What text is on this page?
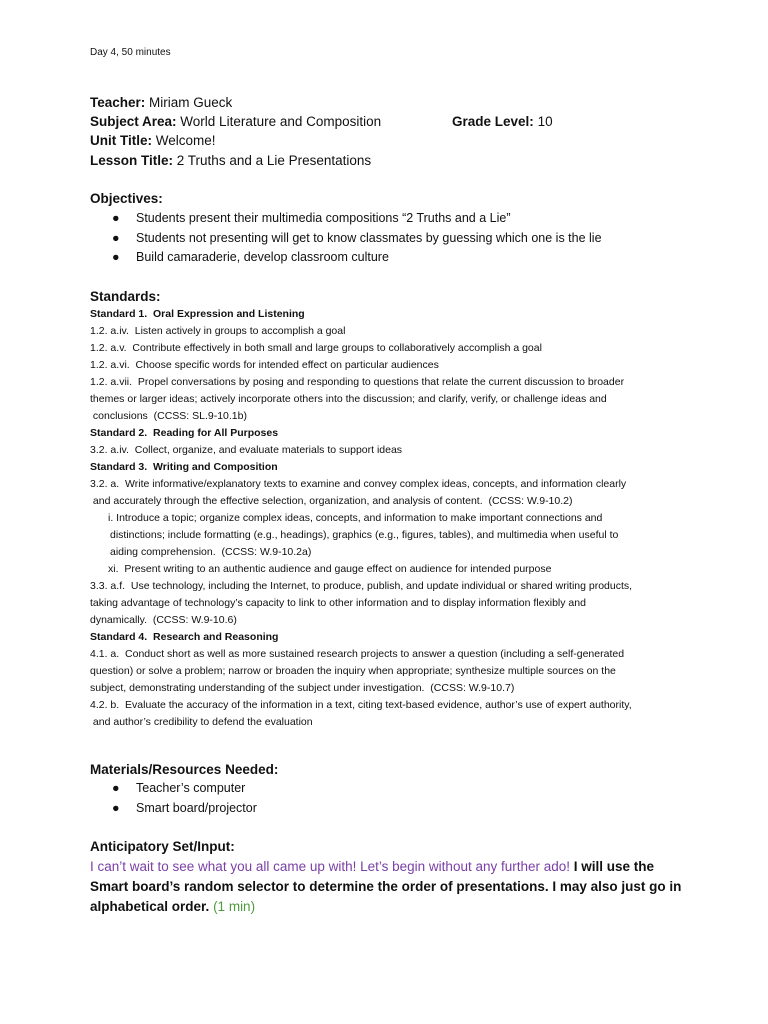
Day 4, 50 minutes
Teacher: Miriam Gueck
Subject Area: World Literature and Composition	Grade Level: 10
Unit Title: Welcome!
Lesson Title: 2 Truths and a Lie Presentations
Objectives:
● Students present their multimedia compositions “2 Truths and a Lie”
● Students not presenting will get to know classmates by guessing which one is the lie
● Build camaraderie, develop classroom culture
Standards:
Standard 1.  Oral Expression and Listening
1.2. a.iv.  Listen actively in groups to accomplish a goal
1.2. a.v.  Contribute effectively in both small and large groups to collaboratively accomplish a goal
1.2. a.vi.  Choose specific words for intended effect on particular audiences
1.2. a.vii.  Propel conversations by posing and responding to questions that relate the current discussion to broader
themes or larger ideas; actively incorporate others into the discussion; and clarify, verify, or challenge ideas and
conclusions  (CCSS: SL.9-10.1b)
Standard 2.  Reading for All Purposes
3.2. a.iv.  Collect, organize, and evaluate materials to support ideas
Standard 3.  Writing and Composition
3.2. a.  Write informative/explanatory texts to examine and convey complex ideas, concepts, and information clearly
and accurately through the effective selection, organization, and analysis of content.  (CCSS: W.9-10.2)
i. Introduce a topic; organize complex ideas, concepts, and information to make important connections and
distinctions; include formatting (e.g., headings), graphics (e.g., figures, tables), and multimedia when useful to
aiding comprehension.  (CCSS: W.9-10.2a)
xi.  Present writing to an authentic audience and gauge effect on audience for intended purpose
3.3. a.f.  Use technology, including the Internet, to produce, publish, and update individual or shared writing products,
taking advantage of technology’s capacity to link to other information and to display information flexibly and
dynamically.  (CCSS: W.9-10.6)
Standard 4.  Research and Reasoning
4.1. a.  Conduct short as well as more sustained research projects to answer a question (including a self-generated
question) or solve a problem; narrow or broaden the inquiry when appropriate; synthesize multiple sources on the
subject, demonstrating understanding of the subject under investigation.  (CCSS: W.9-10.7)
4.2. b.  Evaluate the accuracy of the information in a text, citing text-based evidence, author’s use of expert authority,
and author’s credibility to defend the evaluation
Materials/Resources Needed:
● Teacher’s computer
● Smart board/projector
Anticipatory Set/Input:
I can’t wait to see what you all came up with! Let’s begin without any further ado! I will use the
Smart board’s random selector to determine the order of presentations. I may also just go in
alphabetical order. (1 min)
